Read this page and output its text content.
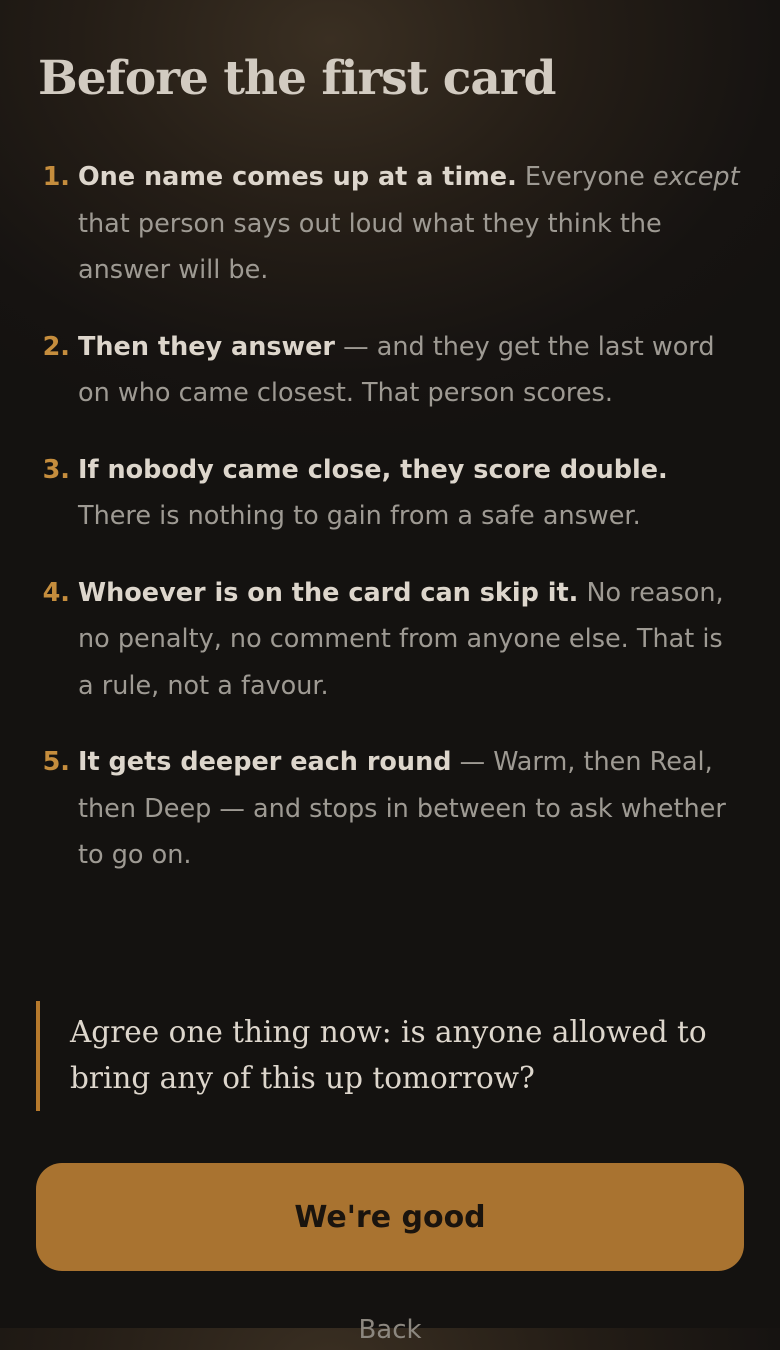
Before the first card
1. One name comes up at a time. Everyone except that person says out loud what they think the answer will be.
2. Then they answer — and they get the last word on who came closest. That person scores.
3. If nobody came close, they score double. There is nothing to gain from a safe answer.
4. Whoever is on the card can skip it. No reason, no penalty, no comment from anyone else. That is a rule, not a favour.
5. It gets deeper each round — Warm, then Real, then Deep — and stops in between to ask whether to go on.
Agree one thing now: is anyone allowed to bring any of this up tomorrow?
We're good
Back
